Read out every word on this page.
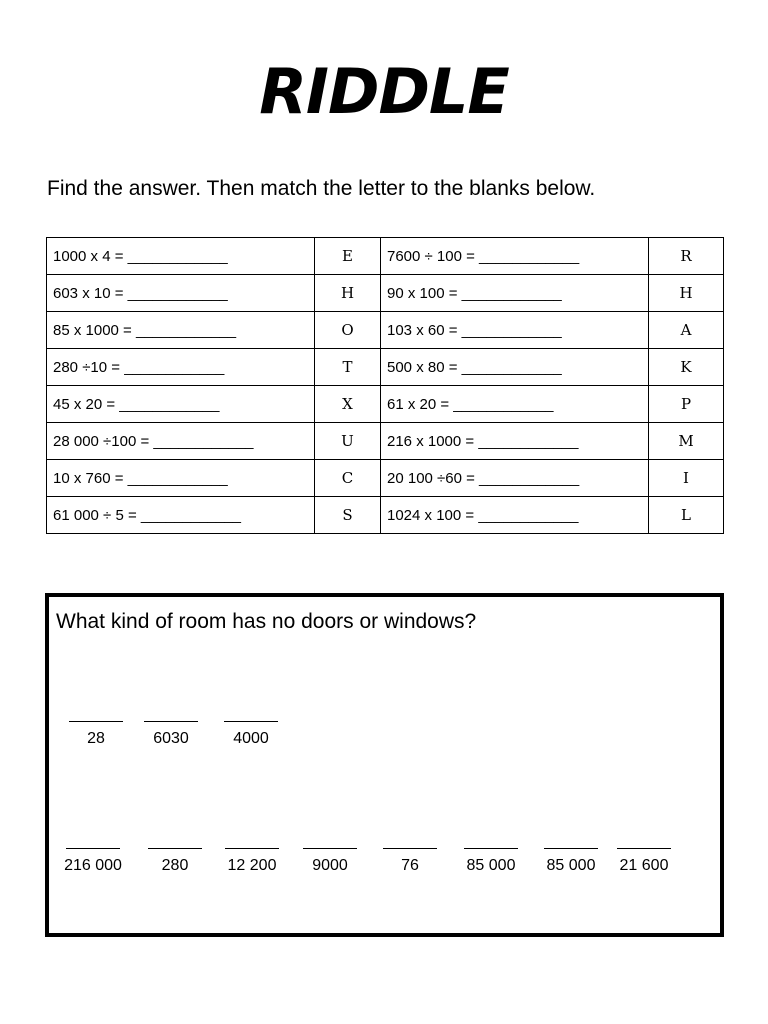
RIDDLE
Find the answer. Then match the letter to the blanks below.
1000 x 4 = ____________	E	7600 ÷ 100 = ____________	R
603 x 10 = ____________	H	90 x 100 = ____________	H
85 x 1000 = ____________	O	103 x 60 = ____________	A
280 ÷10 = ____________	T	500 x 80 = ____________	K
45 x 20 = ____________	X	61 x 20 = ____________	P
28 000 ÷100 = ____________	U	216 x 1000 = ____________	M
10 x 760 = ____________	C	20 100 ÷60 = ____________	I
61 000 ÷ 5 = ____________	S	1024 x 100 = ____________	L
What kind of room has no doors or windows?
28	6030	4000
216 000	280	12 200	9000	76	85 000	85 000	21 600
